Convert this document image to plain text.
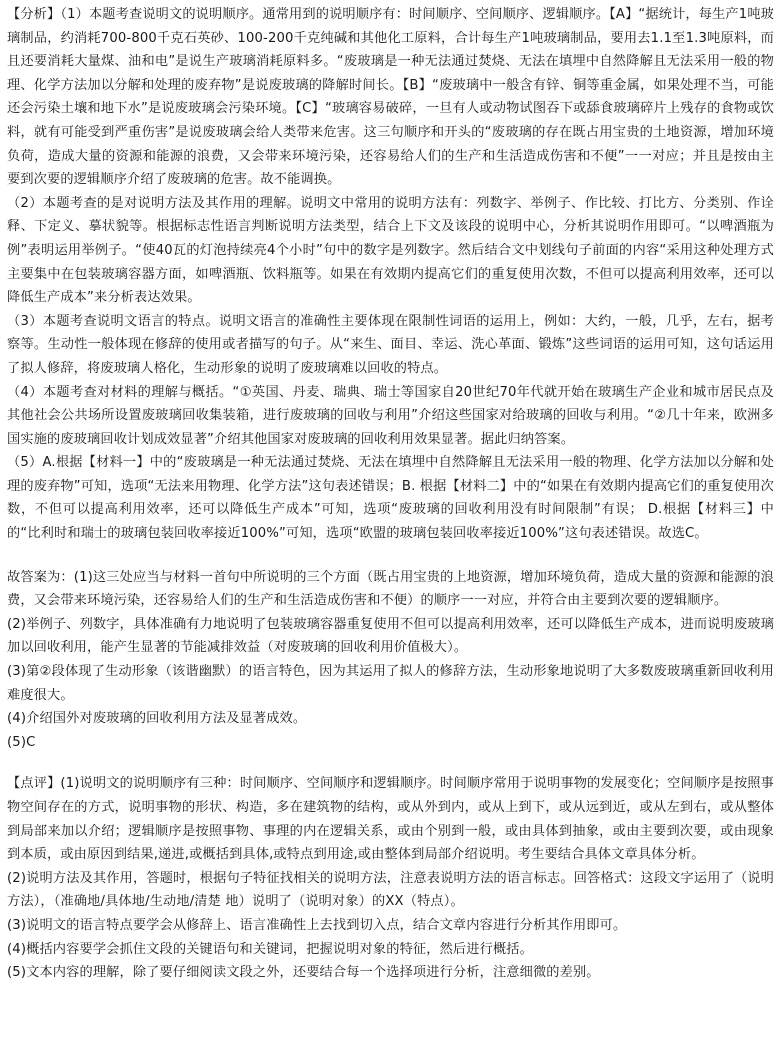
【分析】（1）本题考查说明文的说明顺序。通常用到的说明顺序有：时间顺序、空间顺序、逻辑顺序。【A】“据统计，每生产1吨玻璃制品，约消耗700-800千克石英砂、100-200千克纯碱和其他化工原料，合计每生产1吨玻璃制品，要用去1.1至1.3吨原料，而且还要消耗大量煤、油和电”是说生产玻璃消耗原料多。“废玻璃是一种无法通过焚烧、无法在填埋中自然降解且无法采用一般的物理、化学方法加以分解和处理的废弃物”是说废玻璃的降解时间长。【B】“废玻璃中一般含有锌、铜等重金属，如果处理不当，可能还会污染土壤和地下水”是说废玻璃会污染环境。【C】“玻璃容易破碎，一旦有人或动物试图吞下或舔食玻璃碎片上残存的食物或饮料，就有可能受到严重伤害”是说废玻璃会给人类带来危害。这三句顺序和开头的“废玻璃的存在既占用宝贵的土地资源，增加环境负荷，造成大量的资源和能源的浪费，又会带来环境污染，还容易给人们的生产和生活造成伤害和不便”一一对应；并且是按由主要到次要的逻辑顺序介绍了废玻璃的危害。故不能调换。

（2）本题考查的是对说明方法及其作用的理解。说明文中常用的说明方法有：列数字、举例子、作比较、打比方、分类别、作诠释、下定义、摹状貌等。根据标志性语言判断说明方法类型，结合上下文及该段的说明中心，分析其说明作用即可。“以啤酒瓶为例”表明运用举例子。“使40瓦的灯泡持续亮4个小时”句中的数字是列数字。然后结合文中划线句子前面的内容“采用这种处理方式主要集中在包装玻璃容器方面，如啤酒瓶、饮料瓶等。如果在有效期内提高它们的重复使用次数，不但可以提高利用效率，还可以降低生产成本”来分析表达效果。

（3）本题考查说明文语言的特点。说明文语言的准确性主要体现在限制性词语的运用上，例如：大约，一般，几乎，左右，据考察等。生动性一般体现在修辞的使用或者描写的句子。从“来生、面目、幸运、洗心革面、锻炼”这些词语的运用可知，这句话运用了拟人修辞，将废玻璃人格化，生动形象的说明了废玻璃难以回收的特点。

（4）本题考查对材料的理解与概括。“①英国、丹麦、瑞典、瑞士等国家自20世纪70年代就开始在玻璃生产企业和城市居民点及其他社会公共场所设置废玻璃回收集装箱，进行废玻璃的回收与利用”介绍这些国家对给玻璃的回收与利用。“②几十年来，欧洲多国实施的废玻璃回收计划成效显著”介绍其他国家对废玻璃的回收利用效果显著。据此归纳答案。

（5）A.根据【材料一】中的“废玻璃是一种无法通过焚烧、无法在填埋中自然降解且无法采用一般的物理、化学方法加以分解和处理的废弃物”可知，选项“无法来用物理、化学方法”这句表述错误；B. 根据【材料二】中的“如果在有效期内提高它们的重复使用次数，不但可以提高利用效率，还可以降低生产成本”可知，选项“废玻璃的回收利用没有时间限制”有误； D.根据【材料三】中的“比利时和瑞士的玻璃包装回收率接近100%”可知，选项“欧盟的玻璃包装回收率接近100%”这句表述错误。故选C。

故答案为：(1)这三处应当与材料一首句中所说明的三个方面（既占用宝贵的上地资源，增加环境负荷，造成大量的资源和能源的浪费，又会带来环境污染，还容易给人们的生产和生活造成伤害和不便）的顺序一一对应，并符合由主要到次要的逻辑顺序。

(2)举例子、列数字，具体准确有力地说明了包装玻璃容器重复使用不但可以提高利用效率，还可以降低生产成本，进而说明废玻璃加以回收利用，能产生显著的节能减排效益（对废玻璃的回收利用价值极大）。

(3)第②段体现了生动形象（该谐幽默）的语言特色，因为其运用了拟人的修辞方法，生动形象地说明了大多数废玻璃重新回收利用难度很大。

(4)介绍国外对废玻璃的回收利用方法及显著成效。

(5)C

【点评】(1)说明文的说明顺序有三种：时间顺序、空间顺序和逻辑顺序。时间顺序常用于说明事物的发展变化；空间顺序是按照事物空间存在的方式，说明事物的形状、构造，多在建筑物的结构，或从外到内，或从上到下，或从远到近，或从左到右，或从整体到局部来加以介绍；逻辑顺序是按照事物、事理的内在逻辑关系，或由个别到一般，或由具体到抽象，或由主要到次要，或由现象到本质，或由原因到结果,递进,或概括到具体,或特点到用途,或由整体到局部介绍说明。考生要结合具体文章具体分析。

(2)说明方法及其作用，答题时，根据句子特征找相关的说明方法，注意表说明方法的语言标志。回答格式：这段文字运用了（说明方法），（准确地/具体地/生动地/清楚 地）说明了（说明对象）的XX（特点）。

(3)说明文的语言特点要学会从修辞上、语言准确性上去找到切入点，结合文章内容进行分析其作用即可。

(4)概括内容要学会抓住文段的关键语句和关键词，把握说明对象的特征，然后进行概括。

(5)文本内容的理解，除了要仔细阅读文段之外，还要结合每一个选择项进行分析，注意细微的差别。
